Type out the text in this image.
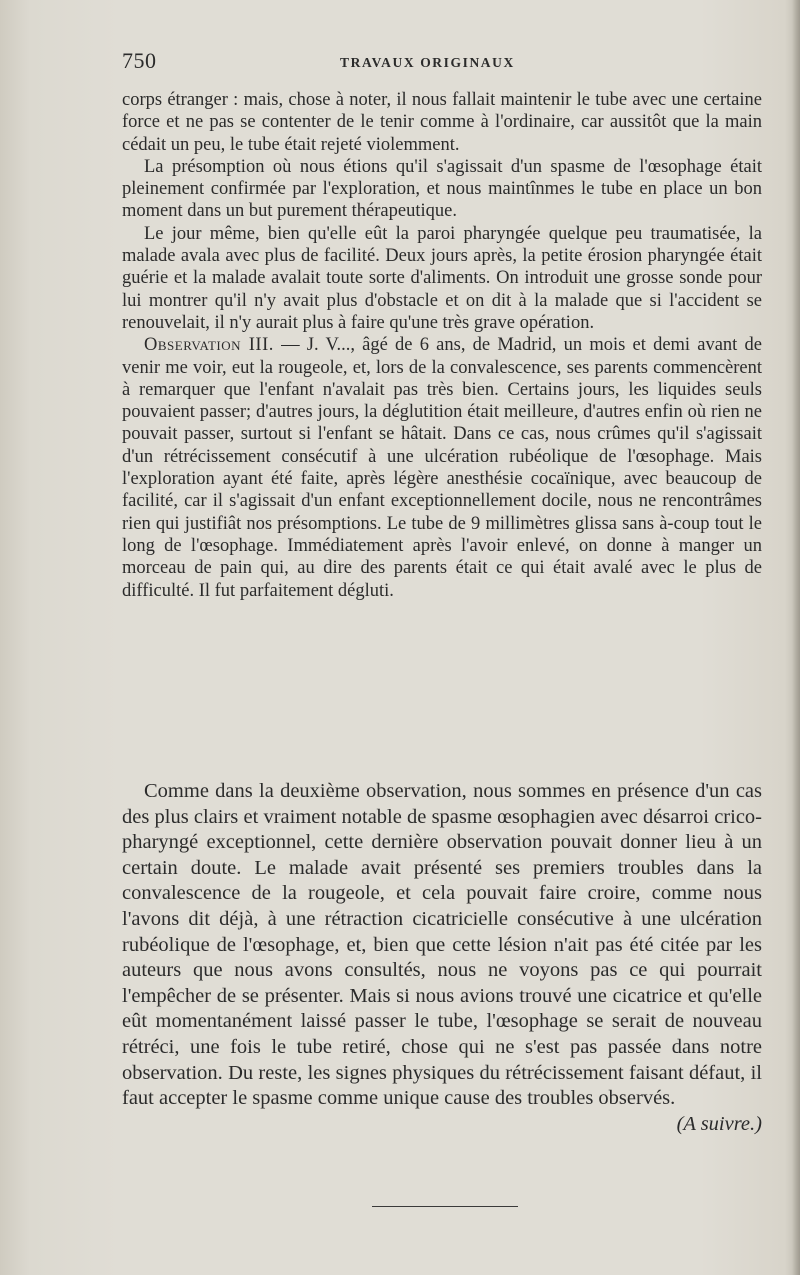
750	TRAVAUX ORIGINAUX

corps étranger : mais, chose à noter, il nous fallait maintenir le tube avec une certaine force et ne pas se contenter de le tenir comme à l'ordinaire, car aussitôt que la main cédait un peu, le tube était rejeté violemment.

La présomption où nous étions qu'il s'agissait d'un spasme de l'œsophage était pleinement confirmée par l'exploration, et nous maintînmes le tube en place un bon moment dans un but purement thérapeutique.

Le jour même, bien qu'elle eût la paroi pharyngée quelque peu traumatisée, la malade avala avec plus de facilité. Deux jours après, la petite érosion pharyngée était guérie et la malade avalait toute sorte d'aliments. On introduit une grosse sonde pour lui montrer qu'il n'y avait plus d'obstacle et on dit à la malade que si l'accident se renouvelait, il n'y aurait plus à faire qu'une très grave opération.

Observation III. — J. V..., âgé de 6 ans, de Madrid, un mois et demi avant de venir me voir, eut la rougeole, et, lors de la convalescence, ses parents commencèrent à remarquer que l'enfant n'avalait pas très bien. Certains jours, les liquides seuls pouvaient passer; d'autres jours, la déglutition était meilleure, d'autres enfin où rien ne pouvait passer, surtout si l'enfant se hâtait. Dans ce cas, nous crûmes qu'il s'agissait d'un rétrécissement consécutif à une ulcération rubéolique de l'œsophage. Mais l'exploration ayant été faite, après légère anesthésie cocaïnique, avec beaucoup de facilité, car il s'agissait d'un enfant exceptionnellement docile, nous ne rencontrâmes rien qui justifiât nos présomptions. Le tube de 9 millimètres glissa sans à-coup tout le long de l'œsophage. Immédiatement après l'avoir enlevé, on donne à manger un morceau de pain qui, au dire des parents était ce qui était avalé avec le plus de difficulté. Il fut parfaitement dégluti.

Comme dans la deuxième observation, nous sommes en présence d'un cas des plus clairs et vraiment notable de spasme œsophagien avec désarroi crico-pharyngé exceptionnel, cette dernière observation pouvait donner lieu à un certain doute. Le malade avait présenté ses premiers troubles dans la convalescence de la rougeole, et cela pouvait faire croire, comme nous l'avons dit déjà, à une rétraction cicatricielle consécutive à une ulcération rubéolique de l'œsophage, et, bien que cette lésion n'ait pas été citée par les auteurs que nous avons consultés, nous ne voyons pas ce qui pourrait l'empêcher de se présenter. Mais si nous avions trouvé une cicatrice et qu'elle eût momentanément laissé passer le tube, l'œsophage se serait de nouveau rétréci, une fois le tube retiré, chose qui ne s'est pas passée dans notre observation. Du reste, les signes physiques du rétrécissement faisant défaut, il faut accepter le spasme comme unique cause des troubles observés.
(A suivre.)
